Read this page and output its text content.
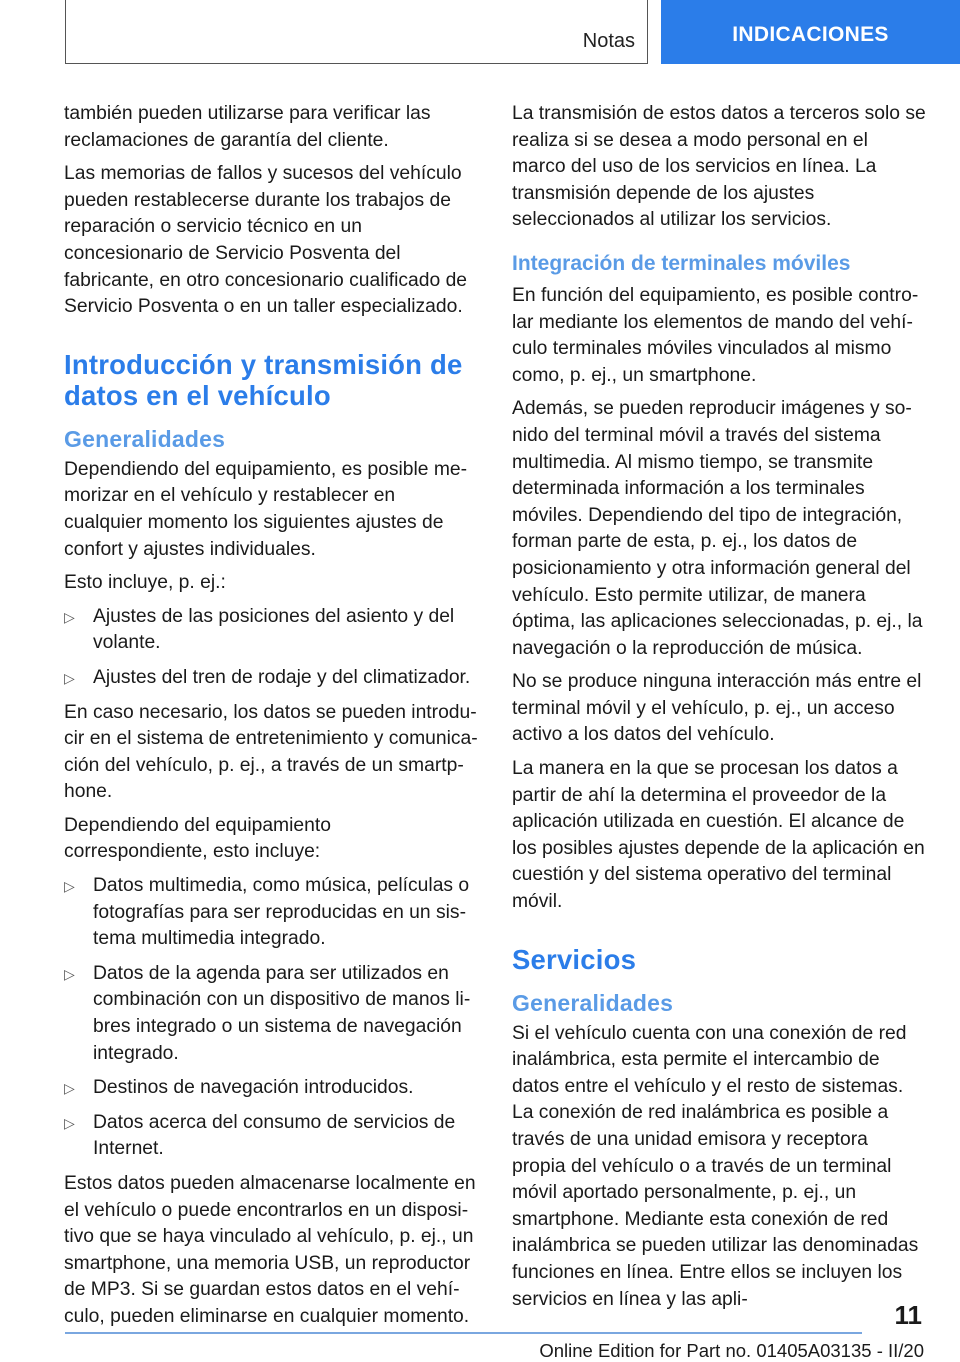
Notas	INDICACIONES

también pueden utilizarse para verificar las reclamaciones de garantía del cliente.

Las memorias de fallos y sucesos del vehículo pueden restablecerse durante los trabajos de reparación o servicio técnico en un concesionario de Servicio Posventa del fabricante, en otro concesionario cualificado de Servicio Posventa o en un taller especializado.

Introducción y transmisión de datos en el vehículo
Generalidades

Dependiendo del equipamiento, es posible memorizar en el vehículo y restablecer en cualquier momento los siguientes ajustes de confort y ajustes individuales.

Esto incluye, p. ej.:

▷ Ajustes de las posiciones del asiento y del volante.
▷ Ajustes del tren de rodaje y del climatizador.

En caso necesario, los datos se pueden introducir en el sistema de entretenimiento y comunicación del vehículo, p. ej., a través de un smartphone.

Dependiendo del equipamiento correspondiente, esto incluye:

▷ Datos multimedia, como música, películas o fotografías para ser reproducidas en un sistema multimedia integrado.
▷ Datos de la agenda para ser utilizados en combinación con un dispositivo de manos libres integrado o un sistema de navegación integrado.
▷ Destinos de navegación introducidos.
▷ Datos acerca del consumo de servicios de Internet.

Estos datos pueden almacenarse localmente en el vehículo o puede encontrarlos en un dispositivo que se haya vinculado al vehículo, p. ej., un smartphone, una memoria USB, un reproductor de MP3. Si se guardan estos datos en el vehículo, pueden eliminarse en cualquier momento.

La transmisión de estos datos a terceros solo se realiza si se desea a modo personal en el marco del uso de los servicios en línea. La transmisión depende de los ajustes seleccionados al utilizar los servicios.

Integración de terminales móviles

En función del equipamiento, es posible controlar mediante los elementos de mando del vehículo terminales móviles vinculados al mismo como, p. ej., un smartphone.

Además, se pueden reproducir imágenes y sonido del terminal móvil a través del sistema multimedia. Al mismo tiempo, se transmite determinada información a los terminales móviles. Dependiendo del tipo de integración, forman parte de esta, p. ej., los datos de posicionamiento y otra información general del vehículo. Esto permite utilizar, de manera óptima, las aplicaciones seleccionadas, p. ej., la navegación o la reproducción de música.

No se produce ninguna interacción más entre el terminal móvil y el vehículo, p. ej., un acceso activo a los datos del vehículo.

La manera en la que se procesan los datos a partir de ahí la determina el proveedor de la aplicación utilizada en cuestión. El alcance de los posibles ajustes depende de la aplicación en cuestión y del sistema operativo del terminal móvil.

Servicios
Generalidades

Si el vehículo cuenta con una conexión de red inalámbrica, esta permite el intercambio de datos entre el vehículo y el resto de sistemas. La conexión de red inalámbrica es posible a través de una unidad emisora y receptora propia del vehículo o a través de un terminal móvil aportado personalmente, p. ej., un smartphone. Mediante esta conexión de red inalámbrica se pueden utilizar las denominadas funciones en línea. Entre ellos se incluyen los servicios en línea y las apli-

11
Online Edition for Part no. 01405A03135 - II/20
